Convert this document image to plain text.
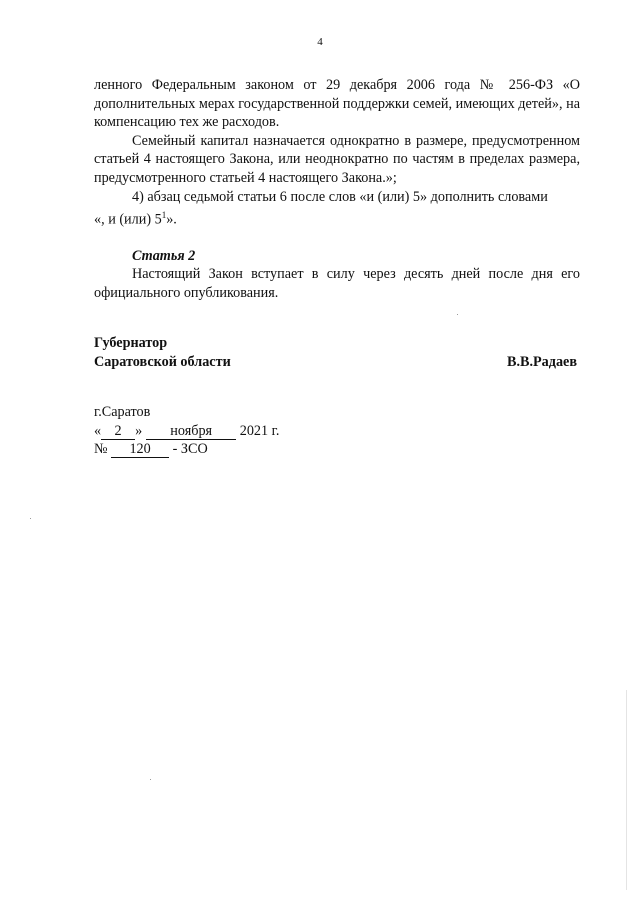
4

ленного Федеральным законом от 29 декабря 2006 года № 256-ФЗ «О дополнительных мерах государственной поддержки семей, имеющих детей», на компенсацию тех же расходов.

Семейный капитал назначается однократно в размере, предусмотренном статьей 4 настоящего Закона, или неоднократно по частям в пределах размера, предусмотренного статьей 4 настоящего Закона.»;

4) абзац седьмой статьи 6 после слов «и (или) 5» дополнить словами

«, и (или) $5^1$».

Статья 2

Настоящий Закон вступает в силу через десять дней после дня его официального опубликования.

Губернатор
Саратовской области	В.В.Радаев
г.Саратов
« 2 » ноября 2021 г.
№ 120 - ЗСО
